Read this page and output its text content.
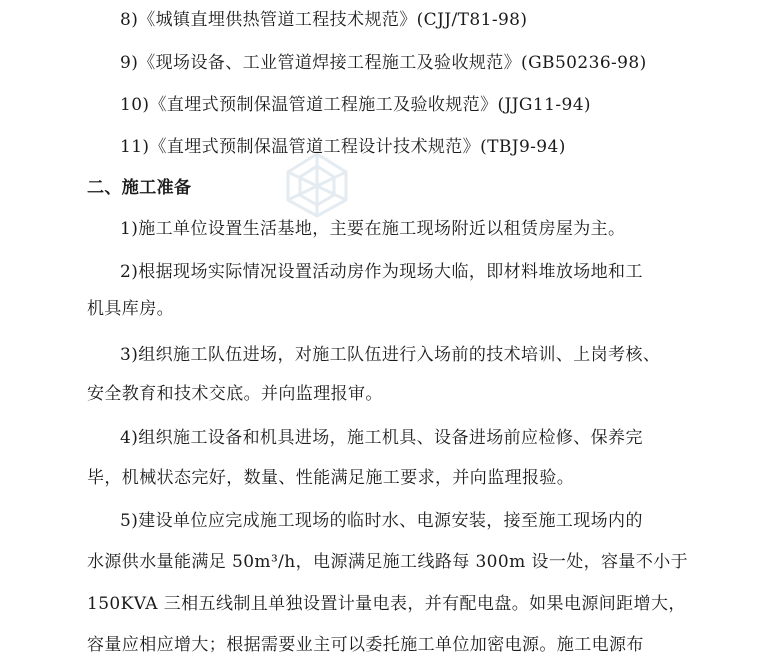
8)《城镇直埋供热管道工程技术规范》(CJJ/T81-98)
9)《现场设备、工业管道焊接工程施工及验收规范》(GB50236-98)
10)《直埋式预制保温管道工程施工及验收规范》(JJG11-94)
11)《直埋式预制保温管道工程设计技术规范》(TBJ9-94)
二、施工准备
1)施工单位设置生活基地，主要在施工现场附近以租赁房屋为主。
2)根据现场实际情况设置活动房作为现场大临，即材料堆放场地和工
机具库房。
3)组织施工队伍进场，对施工队伍进行入场前的技术培训、上岗考核、
安全教育和技术交底。并向监理报审。
4)组织施工设备和机具进场，施工机具、设备进场前应检修、保养完
毕，机械状态完好，数量、性能满足施工要求，并向监理报验。
5)建设单位应完成施工现场的临时水、电源安装，接至施工现场内的
水源供水量能满足 50m³/h，电源满足施工线路每 300m 设一处，容量不小于
150KVA 三相五线制且单独设置计量电表，并有配电盘。如果电源间距增大，
容量应相应增大；根据需要业主可以委托施工单位加密电源。施工电源布
